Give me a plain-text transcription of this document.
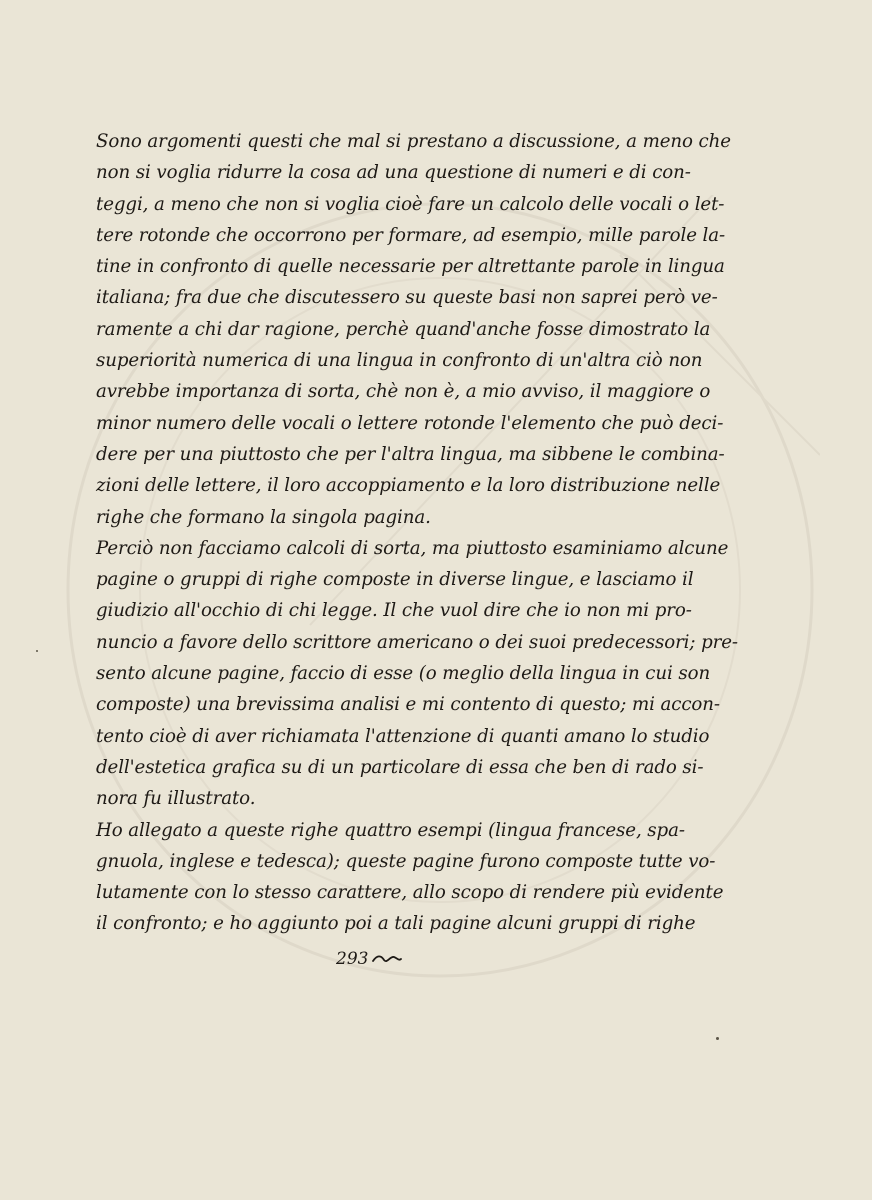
Sono argomenti questi che mal si prestano a discussione, a meno che
non si voglia ridurre la cosa ad una questione di numeri e di con-
teggi, a meno che non si voglia cioè fare un calcolo delle vocali o let-
tere rotonde che occorrono per formare, ad esempio, mille parole la-
tine in confronto di quelle necessarie per altrettante parole in lingua
italiana; fra due che discutessero su queste basi non saprei però ve-
ramente a chi dar ragione, perchè quand'anche fosse dimostrato la
superiorità numerica di una lingua in confronto di un'altra ciò non
avrebbe importanza di sorta, chè non è, a mio avviso, il maggiore o
minor numero delle vocali o lettere rotonde l'elemento che può deci-
dere per una piuttosto che per l'altra lingua, ma sibbene le combina-
zioni delle lettere, il loro accoppiamento e la loro distribuzione nelle
righe che formano la singola pagina.
Perciò non facciamo calcoli di sorta, ma piuttosto esaminiamo alcune
pagine o gruppi di righe composte in diverse lingue, e lasciamo il
giudizio all'occhio di chi legge. Il che vuol dire che io non mi pro-
nuncio a favore dello scrittore americano o dei suoi predecessori; pre-
sento alcune pagine, faccio di esse (o meglio della lingua in cui son
composte) una brevissima analisi e mi contento di questo; mi accon-
tento cioè di aver richiamata l'attenzione di quanti amano lo studio
dell'estetica grafica su di un particolare di essa che ben di rado si-
nora fu illustrato.
Ho allegato a queste righe quattro esempi (lingua francese, spa-
gnuola, inglese e tedesca); queste pagine furono composte tutte vo-
lutamente con lo stesso carattere, allo scopo di rendere più evidente
il confronto; e ho aggiunto poi a tali pagine alcuni gruppi di righe
293
